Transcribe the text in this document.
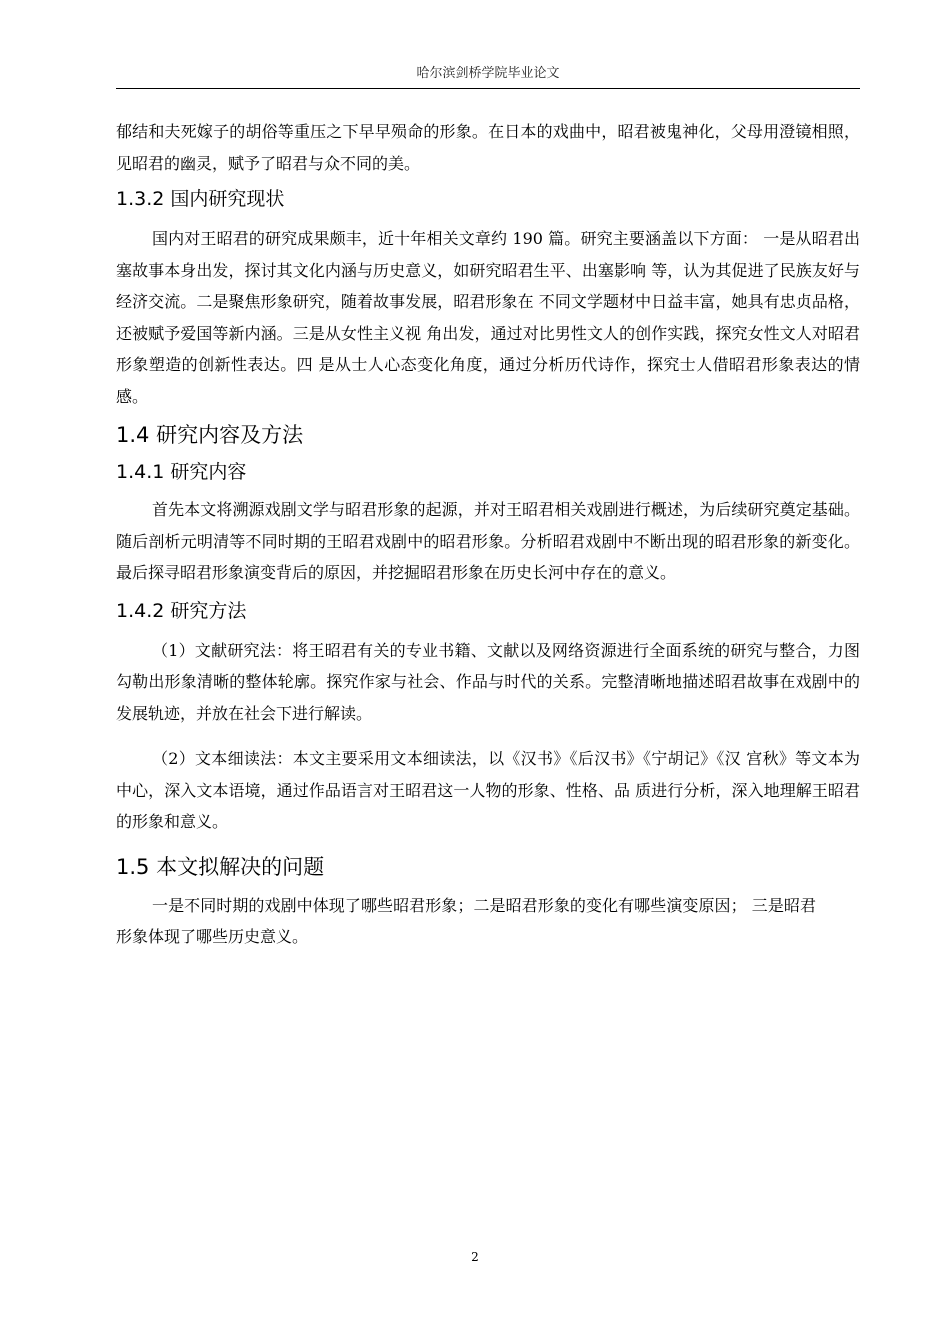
哈尔滨剑桥学院毕业论文

郁结和夫死嫁子的胡俗等重压之下早早殒命的形象。在日本的戏曲中，昭君被鬼神化，父母用澄镜相照，见昭君的幽灵，赋予了昭君与众不同的美。

1.3.2 国内研究现状

国内对王昭君的研究成果颇丰，近十年相关文章约 190 篇。研究主要涵盖以下方面： 一是从昭君出塞故事本身出发，探讨其文化内涵与历史意义，如研究昭君生平、出塞影响 等，认为其促进了民族友好与经济交流。二是聚焦形象研究，随着故事发展，昭君形象在 不同文学题材中日益丰富，她具有忠贞品格，还被赋予爱国等新内涵。三是从女性主义视 角出发，通过对比男性文人的创作实践，探究女性文人对昭君形象塑造的创新性表达。四 是从士人心态变化角度，通过分析历代诗作，探究士人借昭君形象表达的情感。

1.4 研究内容及方法
1.4.1 研究内容

首先本文将溯源戏剧文学与昭君形象的起源，并对王昭君相关戏剧进行概述，为后续研究奠定基础。随后剖析元明清等不同时期的王昭君戏剧中的昭君形象。分析昭君戏剧中不断出现的昭君形象的新变化。最后探寻昭君形象演变背后的原因，并挖掘昭君形象在历史长河中存在的意义。

1.4.2 研究方法

（1）文献研究法：将王昭君有关的专业书籍、文献以及网络资源进行全面系统的研究与整合，力图勾勒出形象清晰的整体轮廓。探究作家与社会、作品与时代的关系。完整清晰地描述昭君故事在戏剧中的发展轨迹，并放在社会下进行解读。

（2）文本细读法：本文主要采用文本细读法，以《汉书》《后汉书》《宁胡记》《汉 宫秋》等文本为中心，深入文本语境，通过作品语言对王昭君这一人物的形象、性格、品 质进行分析，深入地理解王昭君的形象和意义。

1.5 本文拟解决的问题

一是不同时期的戏剧中体现了哪些昭君形象；二是昭君形象的变化有哪些演变原因； 三是昭君形象体现了哪些历史意义。

2
